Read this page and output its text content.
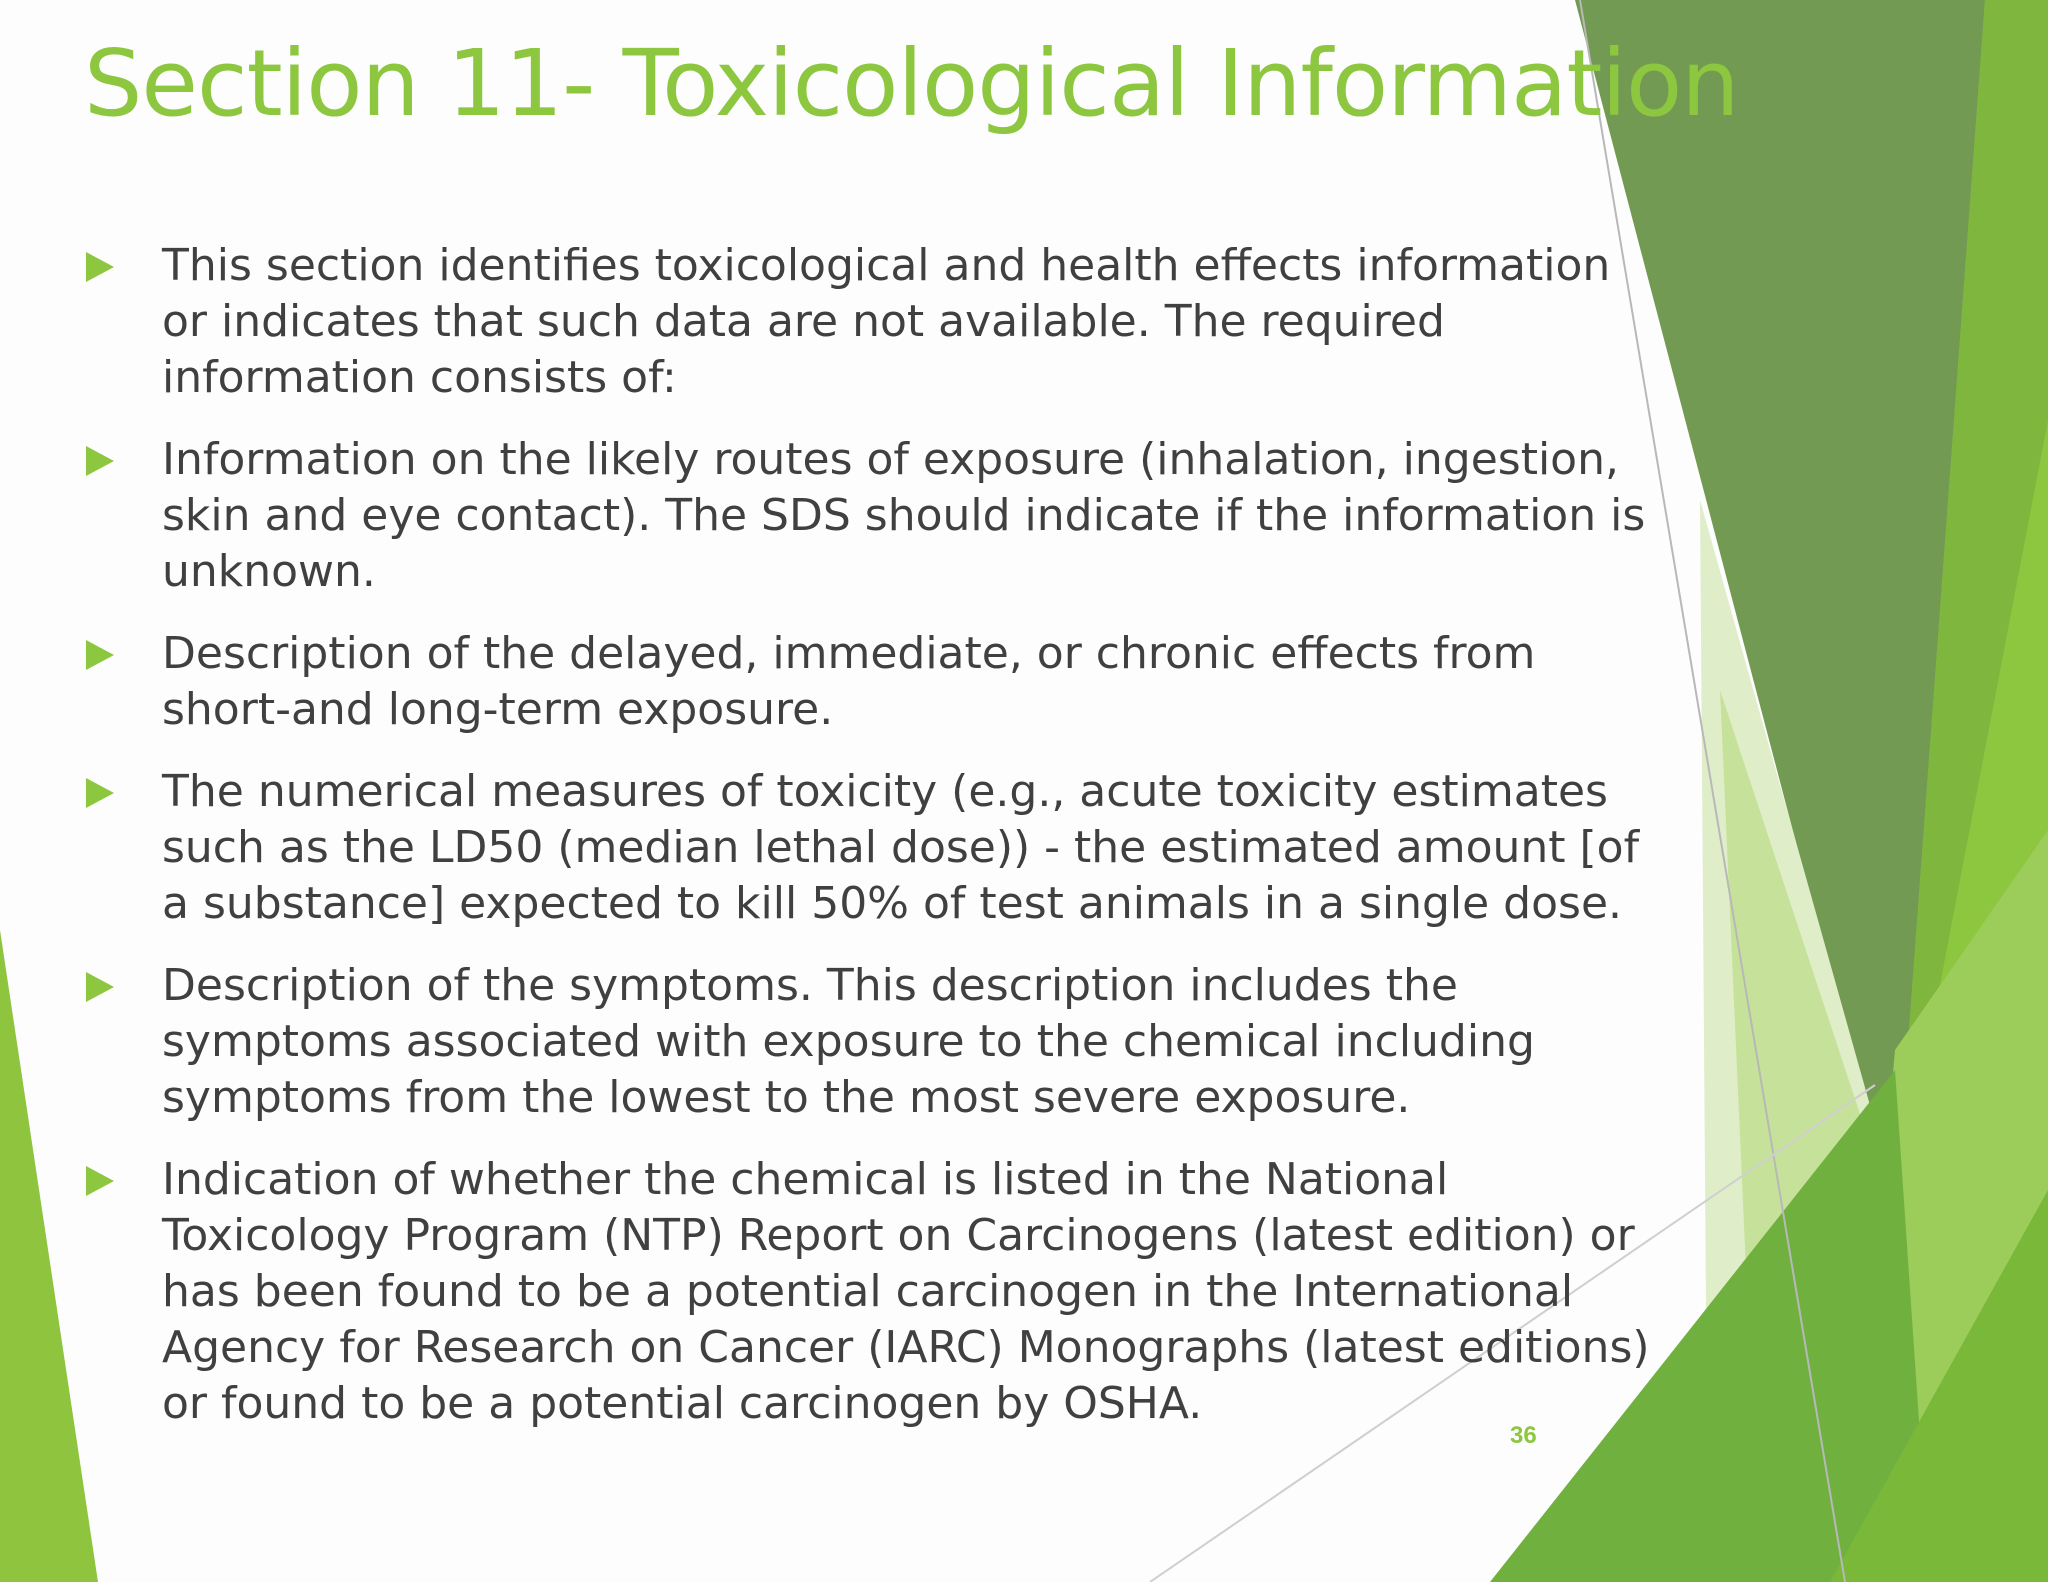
Section 11- Toxicological Information
This section identifies toxicological and health effects information or indicates that such data are not available. The required information consists of:
Information on the likely routes of exposure (inhalation, ingestion, skin and eye contact). The SDS should indicate if the information is unknown.
Description of the delayed, immediate, or chronic effects from short-and long-term exposure.
The numerical measures of toxicity (e.g., acute toxicity estimates such as the LD50 (median lethal dose)) - the estimated amount [of a substance] expected to kill 50% of test animals in a single dose.
Description of the symptoms. This description includes the symptoms associated with exposure to the chemical including symptoms from the lowest to the most severe exposure.
Indication of whether the chemical is listed in the National Toxicology Program (NTP) Report on Carcinogens (latest edition) or has been found to be a potential carcinogen in the International Agency for Research on Cancer (IARC) Monographs (latest editions) or found to be a potential carcinogen by OSHA.
36
